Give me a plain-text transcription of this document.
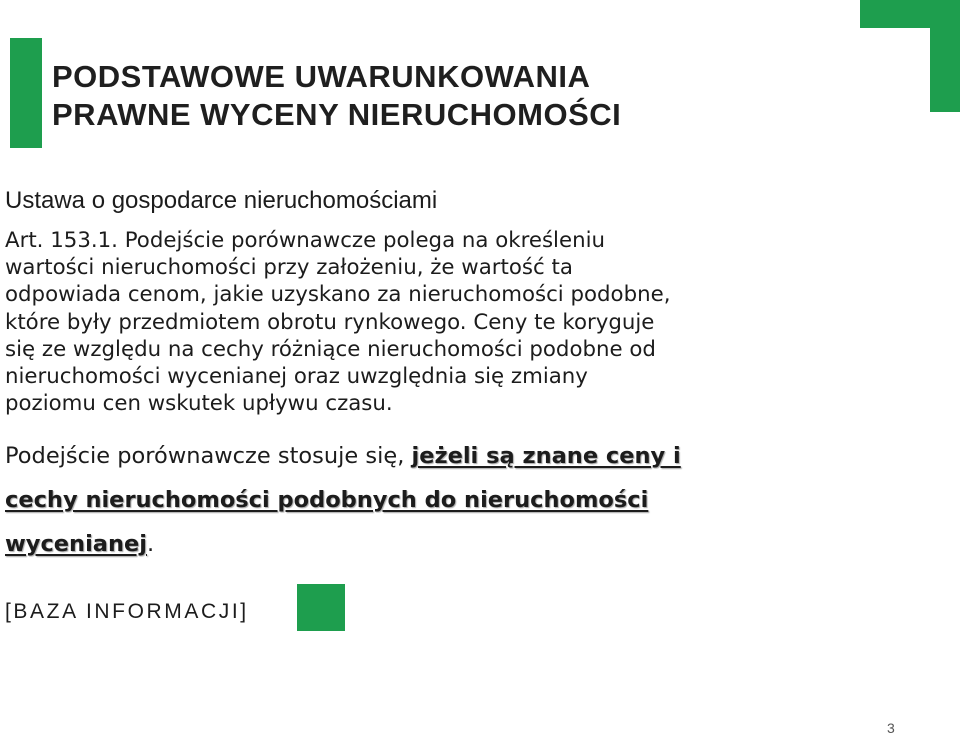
PODSTAWOWE UWARUNKOWANIA
PRAWNE WYCENY NIERUCHOMOŚCI
Ustawa o gospodarce nieruchomościami
Art. 153.1. Podejście porównawcze polega na określeniu
wartości nieruchomości przy założeniu, że wartość ta
odpowiada cenom, jakie uzyskano za nieruchomości podobne,
które były przedmiotem obrotu rynkowego. Ceny te koryguje
się ze względu na cechy różniące nieruchomości podobne od
nieruchomości wycenianej oraz uwzględnia się zmiany
poziomu cen wskutek upływu czasu.
Podejście porównawcze stosuje się, jeżeli są znane ceny i
cechy nieruchomości podobnych do nieruchomości
wycenianej.
[BAZA INFORMACJI]
3
